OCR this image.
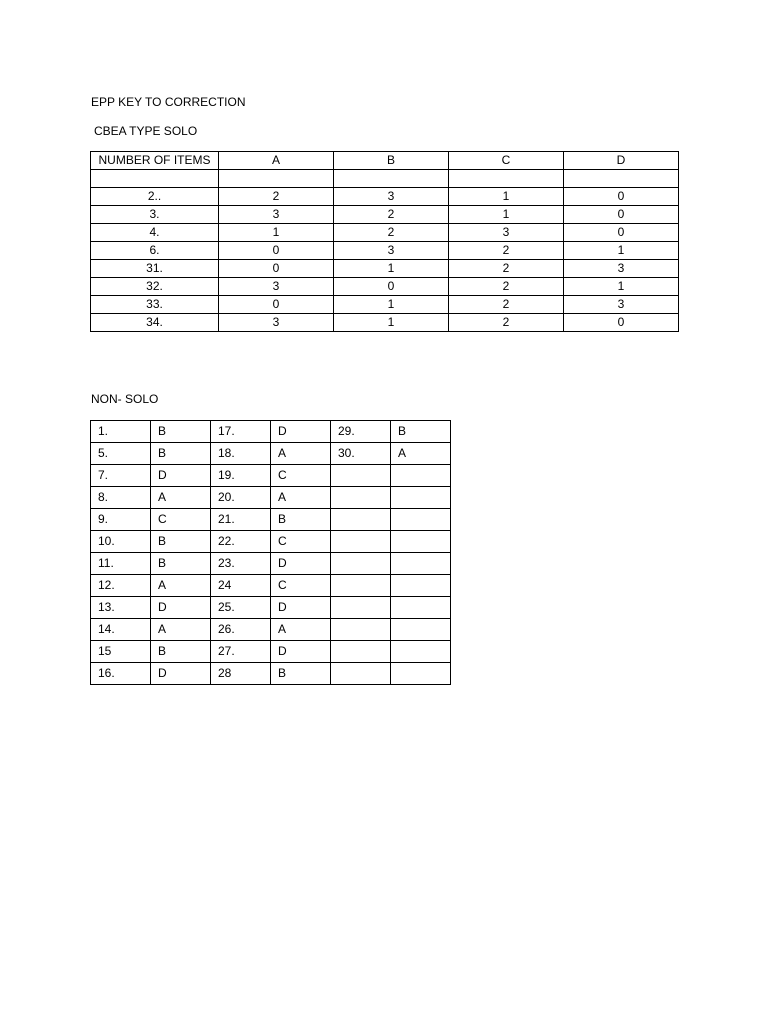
EPP KEY TO CORRECTION
CBEA TYPE SOLO
NUMBER OF ITEMS	A	B	C	D

2..	2	3	1	0
3.	3	2	1	0
4.	1	2	3	0
6.	0	3	2	1
31.	0	1	2	3
32.	3	0	2	1
33.	0	1	2	3
34.	3	1	2	0
NON- SOLO
1.	B	17.	D	29.	B
5.	B	18.	A	30.	A
7.	D	19.	C		
8.	A	20.	A		
9.	C	21.	B		
10.	B	22.	C		
11.	B	23.	D		
12.	A	24	C		
13.	D	25.	D		
14.	A	26.	A		
15	B	27.	D		
16.	D	28	B		
